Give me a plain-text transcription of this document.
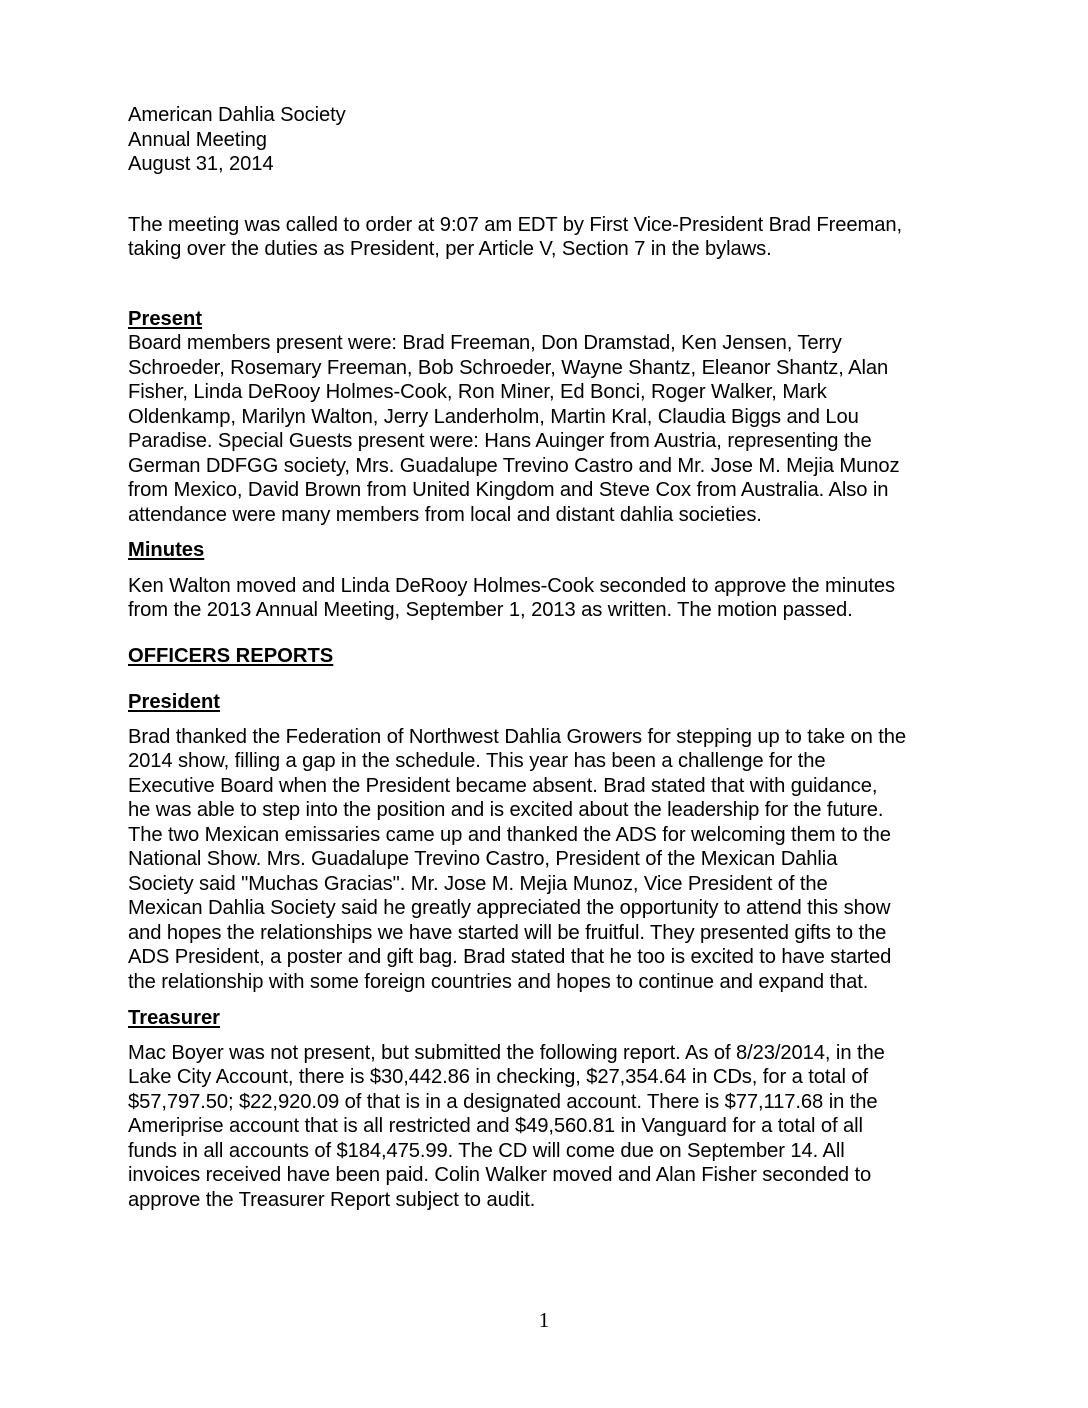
American Dahlia Society
Annual Meeting
August 31, 2014
The meeting was called to order at 9:07 am EDT by First Vice-President Brad Freeman,
taking over the duties as President, per Article V, Section 7 in the bylaws.
Present
Board members present were: Brad Freeman, Don Dramstad, Ken Jensen, Terry
Schroeder, Rosemary Freeman, Bob Schroeder, Wayne Shantz, Eleanor Shantz, Alan
Fisher, Linda DeRooy Holmes-Cook, Ron Miner, Ed Bonci, Roger Walker, Mark
Oldenkamp, Marilyn Walton, Jerry Landerholm, Martin Kral, Claudia Biggs and Lou
Paradise. Special Guests present were: Hans Auinger from Austria, representing the
German DDFGG society, Mrs. Guadalupe Trevino Castro and Mr. Jose M. Mejia Munoz
from Mexico, David Brown from United Kingdom and Steve Cox from Australia. Also in
attendance were many members from local and distant dahlia societies.
Minutes
Ken Walton moved and Linda DeRooy Holmes-Cook seconded to approve the minutes
from the 2013 Annual Meeting, September 1, 2013 as written. The motion passed.
OFFICERS REPORTS
President
Brad thanked the Federation of Northwest Dahlia Growers for stepping up to take on the
2014 show, filling a gap in the schedule. This year has been a challenge for the
Executive Board when the President became absent. Brad stated that with guidance,
he was able to step into the position and is excited about the leadership for the future.
The two Mexican emissaries came up and thanked the ADS for welcoming them to the
National Show. Mrs. Guadalupe Trevino Castro, President of the Mexican Dahlia
Society said "Muchas Gracias". Mr. Jose M. Mejia Munoz, Vice President of the
Mexican Dahlia Society said he greatly appreciated the opportunity to attend this show
and hopes the relationships we have started will be fruitful. They presented gifts to the
ADS President, a poster and gift bag. Brad stated that he too is excited to have started
the relationship with some foreign countries and hopes to continue and expand that.
Treasurer
Mac Boyer was not present, but submitted the following report. As of 8/23/2014, in the
Lake City Account, there is $30,442.86 in checking, $27,354.64 in CDs, for a total of
$57,797.50; $22,920.09 of that is in a designated account. There is $77,117.68 in the
Ameriprise account that is all restricted and $49,560.81 in Vanguard for a total of all
funds in all accounts of $184,475.99. The CD will come due on September 14. All
invoices received have been paid. Colin Walker moved and Alan Fisher seconded to
approve the Treasurer Report subject to audit.
1
